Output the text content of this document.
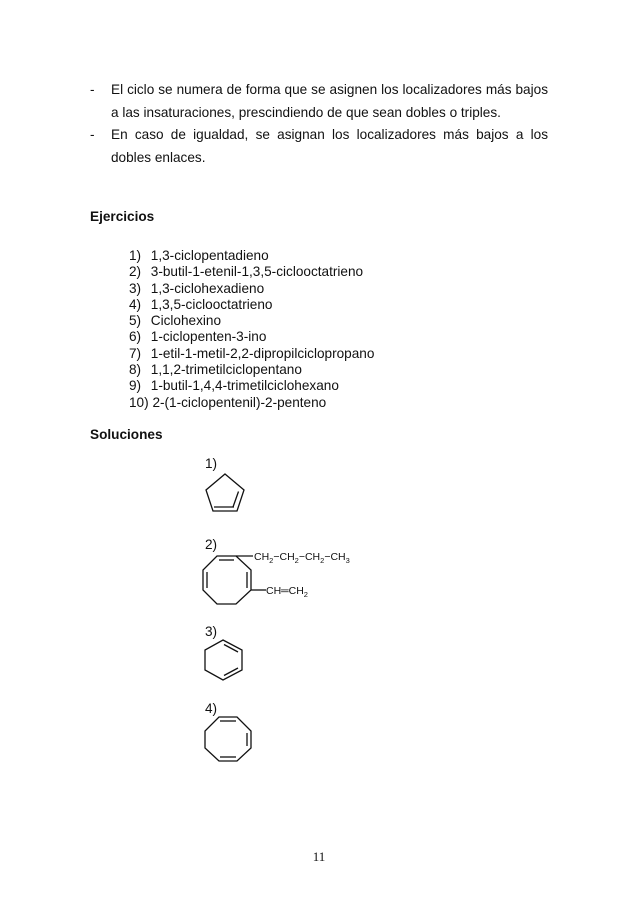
- El ciclo se numera de forma que se asignen los localizadores más bajos a las insaturaciones, prescindiendo de que sean dobles o triples.
- En caso de igualdad, se asignan los localizadores más bajos a los dobles enlaces.
Ejercicios
1) 1,3-ciclopentadieno
2) 3-butil-1-etenil-1,3,5-ciclooctatrieno
3) 1,3-ciclohexadieno
4) 1,3,5-ciclooctatrieno
5) Ciclohexino
6) 1-ciclopenten-3-ino
7) 1-etil-1-metil-2,2-dipropilciclopropano
8) 1,1,2-trimetilciclopentano
9) 1-butil-1,4,4-trimetilciclohexano
10) 2-(1-ciclopentenil)-2-penteno
Soluciones
1)
2)
$CH_2-CH_2-CH_2-CH_3$
$CH═CH_2$
3)
4)
11
